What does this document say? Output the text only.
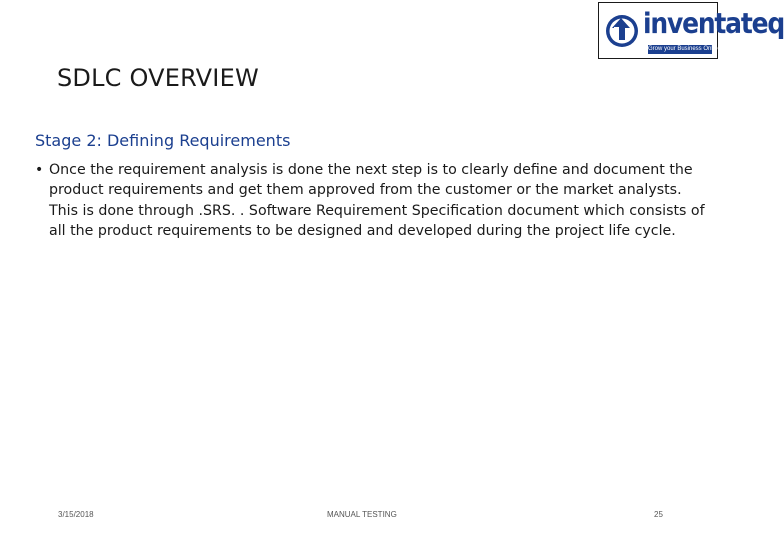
inventateq
Grow your Business Online
SDLC OVERVIEW
Stage 2: Defining Requirements
• Once the requirement analysis is done the next step is to clearly define and document the product requirements and get them approved from the customer or the market analysts. This is done through .SRS. . Software Requirement Specification document which consists of all the product requirements to be designed and developed during the project life cycle.
3/15/2018	MANUAL TESTING	25
